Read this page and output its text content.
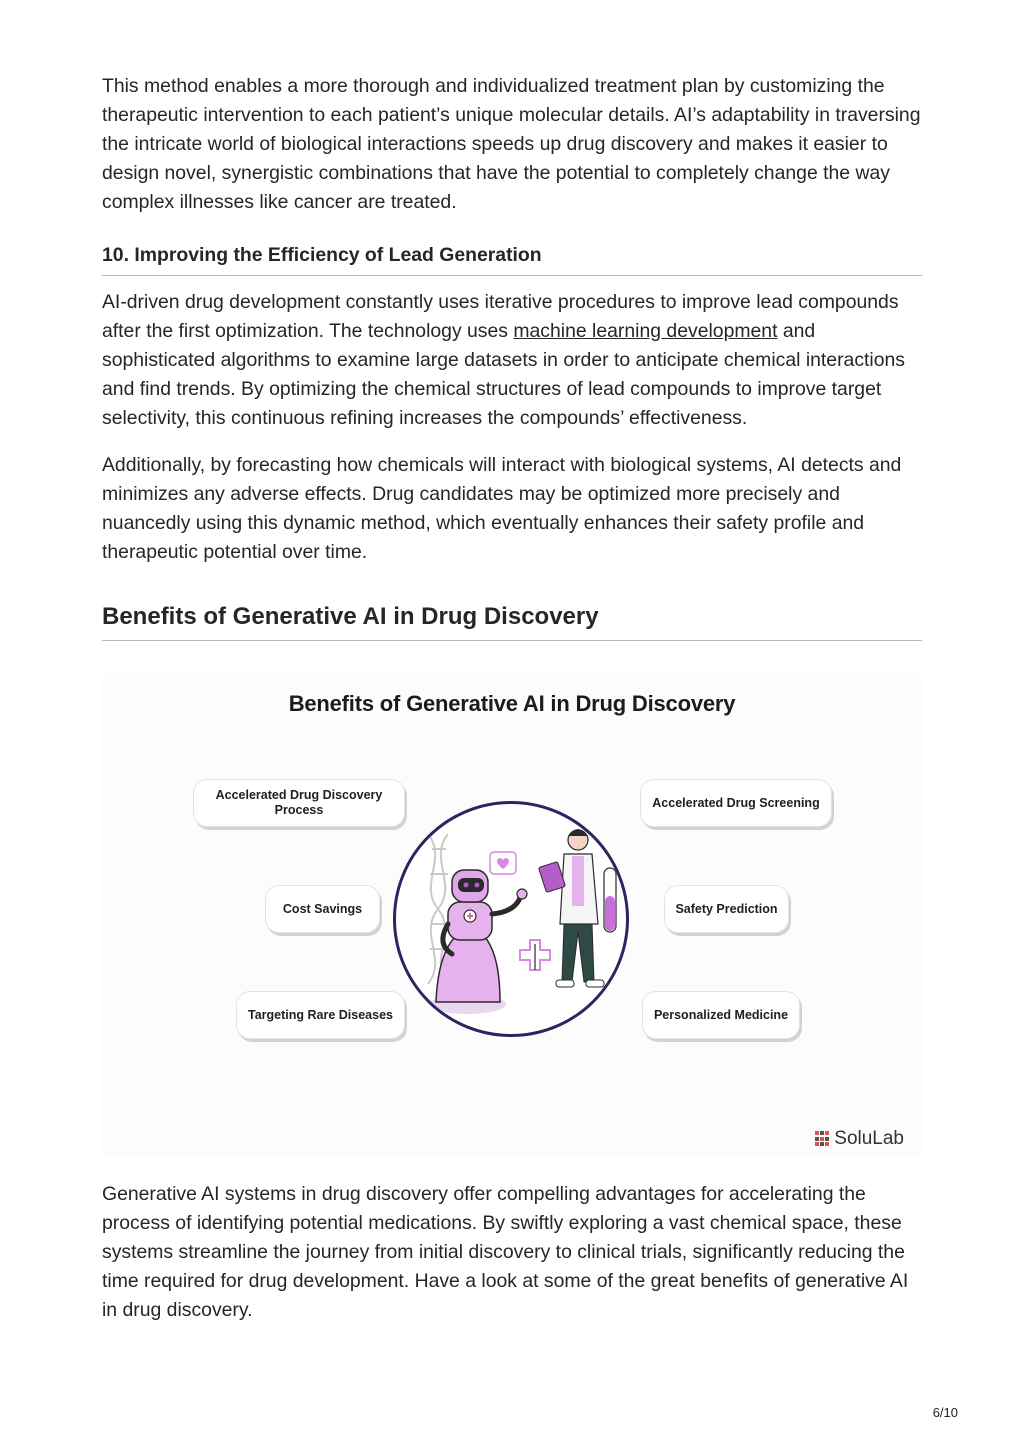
This method enables a more thorough and individualized treatment plan by customizing the therapeutic intervention to each patient’s unique molecular details. AI’s adaptability in traversing the intricate world of biological interactions speeds up drug discovery and makes it easier to design novel, synergistic combinations that have the potential to completely change the way complex illnesses like cancer are treated.

10. Improving the Efficiency of Lead Generation

AI-driven drug development constantly uses iterative procedures to improve lead compounds after the first optimization. The technology uses machine learning development and sophisticated algorithms to examine large datasets in order to anticipate chemical interactions and find trends. By optimizing the chemical structures of lead compounds to improve target selectivity, this continuous refining increases the compounds’ effectiveness.

Additionally, by forecasting how chemicals will interact with biological systems, AI detects and minimizes any adverse effects. Drug candidates may be optimized more precisely and nuancedly using this dynamic method, which eventually enhances their safety profile and therapeutic potential over time.

Benefits of Generative AI in Drug Discovery
Benefits of Generative AI in Drug Discovery
Accelerated Drug Discovery Process
Cost Savings
Targeting Rare Diseases
Accelerated Drug Screening
Safety Prediction
Personalized Medicine
SoluLab

Generative AI systems in drug discovery offer compelling advantages for accelerating the process of identifying potential medications. By swiftly exploring a vast chemical space, these systems streamline the journey from initial discovery to clinical trials, significantly reducing the time required for drug development. Have a look at some of the great benefits of generative AI in drug discovery.

6/10
